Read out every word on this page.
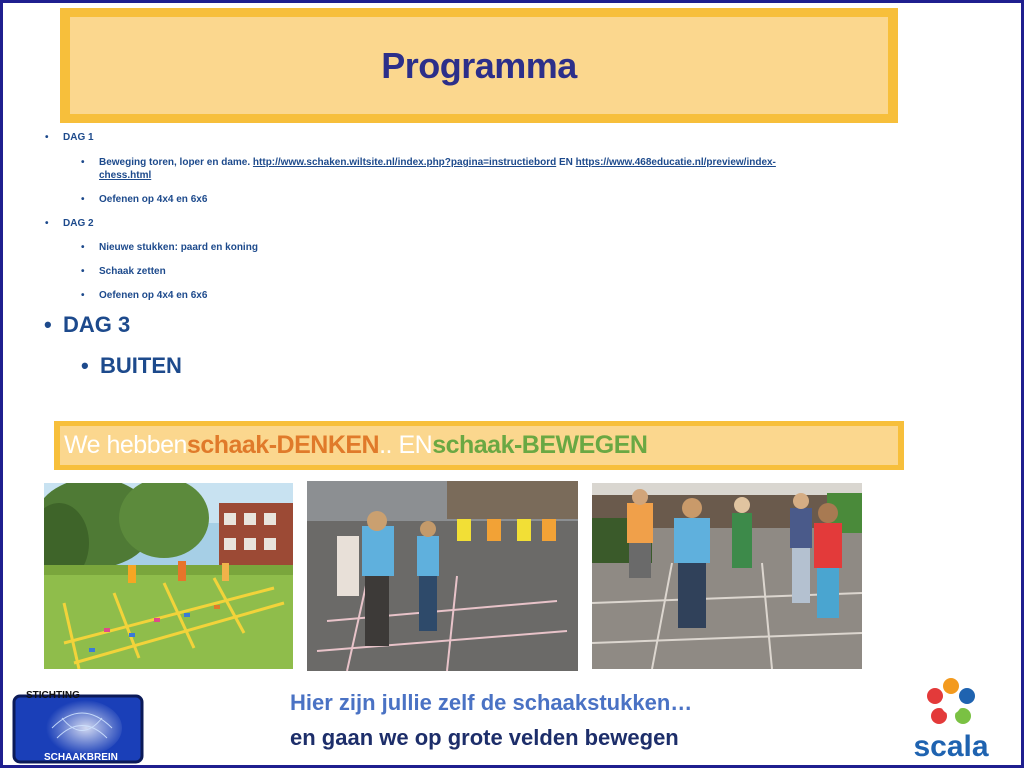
Programma
• DAG 1
• Beweging toren, loper en dame. http://www.schaken.wiltsite.nl/index.php?pagina=instructiebord EN https://www.468educatie.nl/preview/index-
chess.html
• Oefenen op 4x4 en 6x6
• DAG 2
• Nieuwe stukken: paard en koning
• Schaak zetten
• Oefenen op 4x4 en 6x6
• DAG 3
• BUITEN
We hebben schaak-DENKEN .. EN schaak-BEWEGEN
Hier zijn jullie zelf de schaakstukken…
en gaan we op grote velden bewegen
STICHTING
SCHAAKBREIN	scala
